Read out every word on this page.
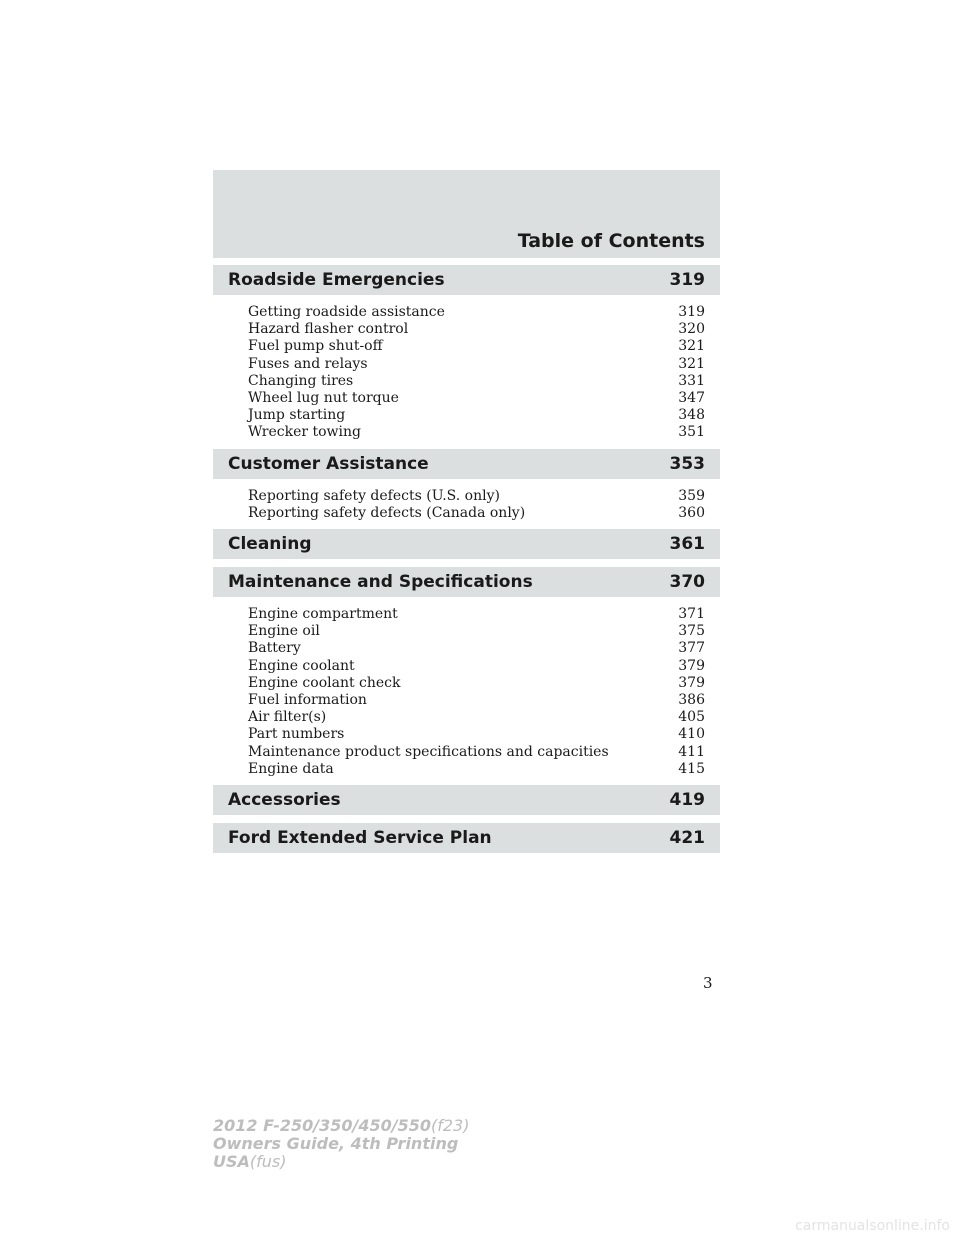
Table of Contents
Roadside Emergencies	319
Getting roadside assistance	319
Hazard flasher control	320
Fuel pump shut-off	321
Fuses and relays	321
Changing tires	331
Wheel lug nut torque	347
Jump starting	348
Wrecker towing	351
Customer Assistance	353
Reporting safety defects (U.S. only)	359
Reporting safety defects (Canada only)	360
Cleaning	361
Maintenance and Specifications	370
Engine compartment	371
Engine oil	375
Battery	377
Engine coolant	379
Engine coolant check	379
Fuel information	386
Air filter(s)	405
Part numbers	410
Maintenance product specifications and capacities	411
Engine data	415
Accessories	419
Ford Extended Service Plan	421
3
2012 F-250/350/450/550(f23)
Owners Guide, 4th Printing
USA(fus)
carmanualsonline.info
